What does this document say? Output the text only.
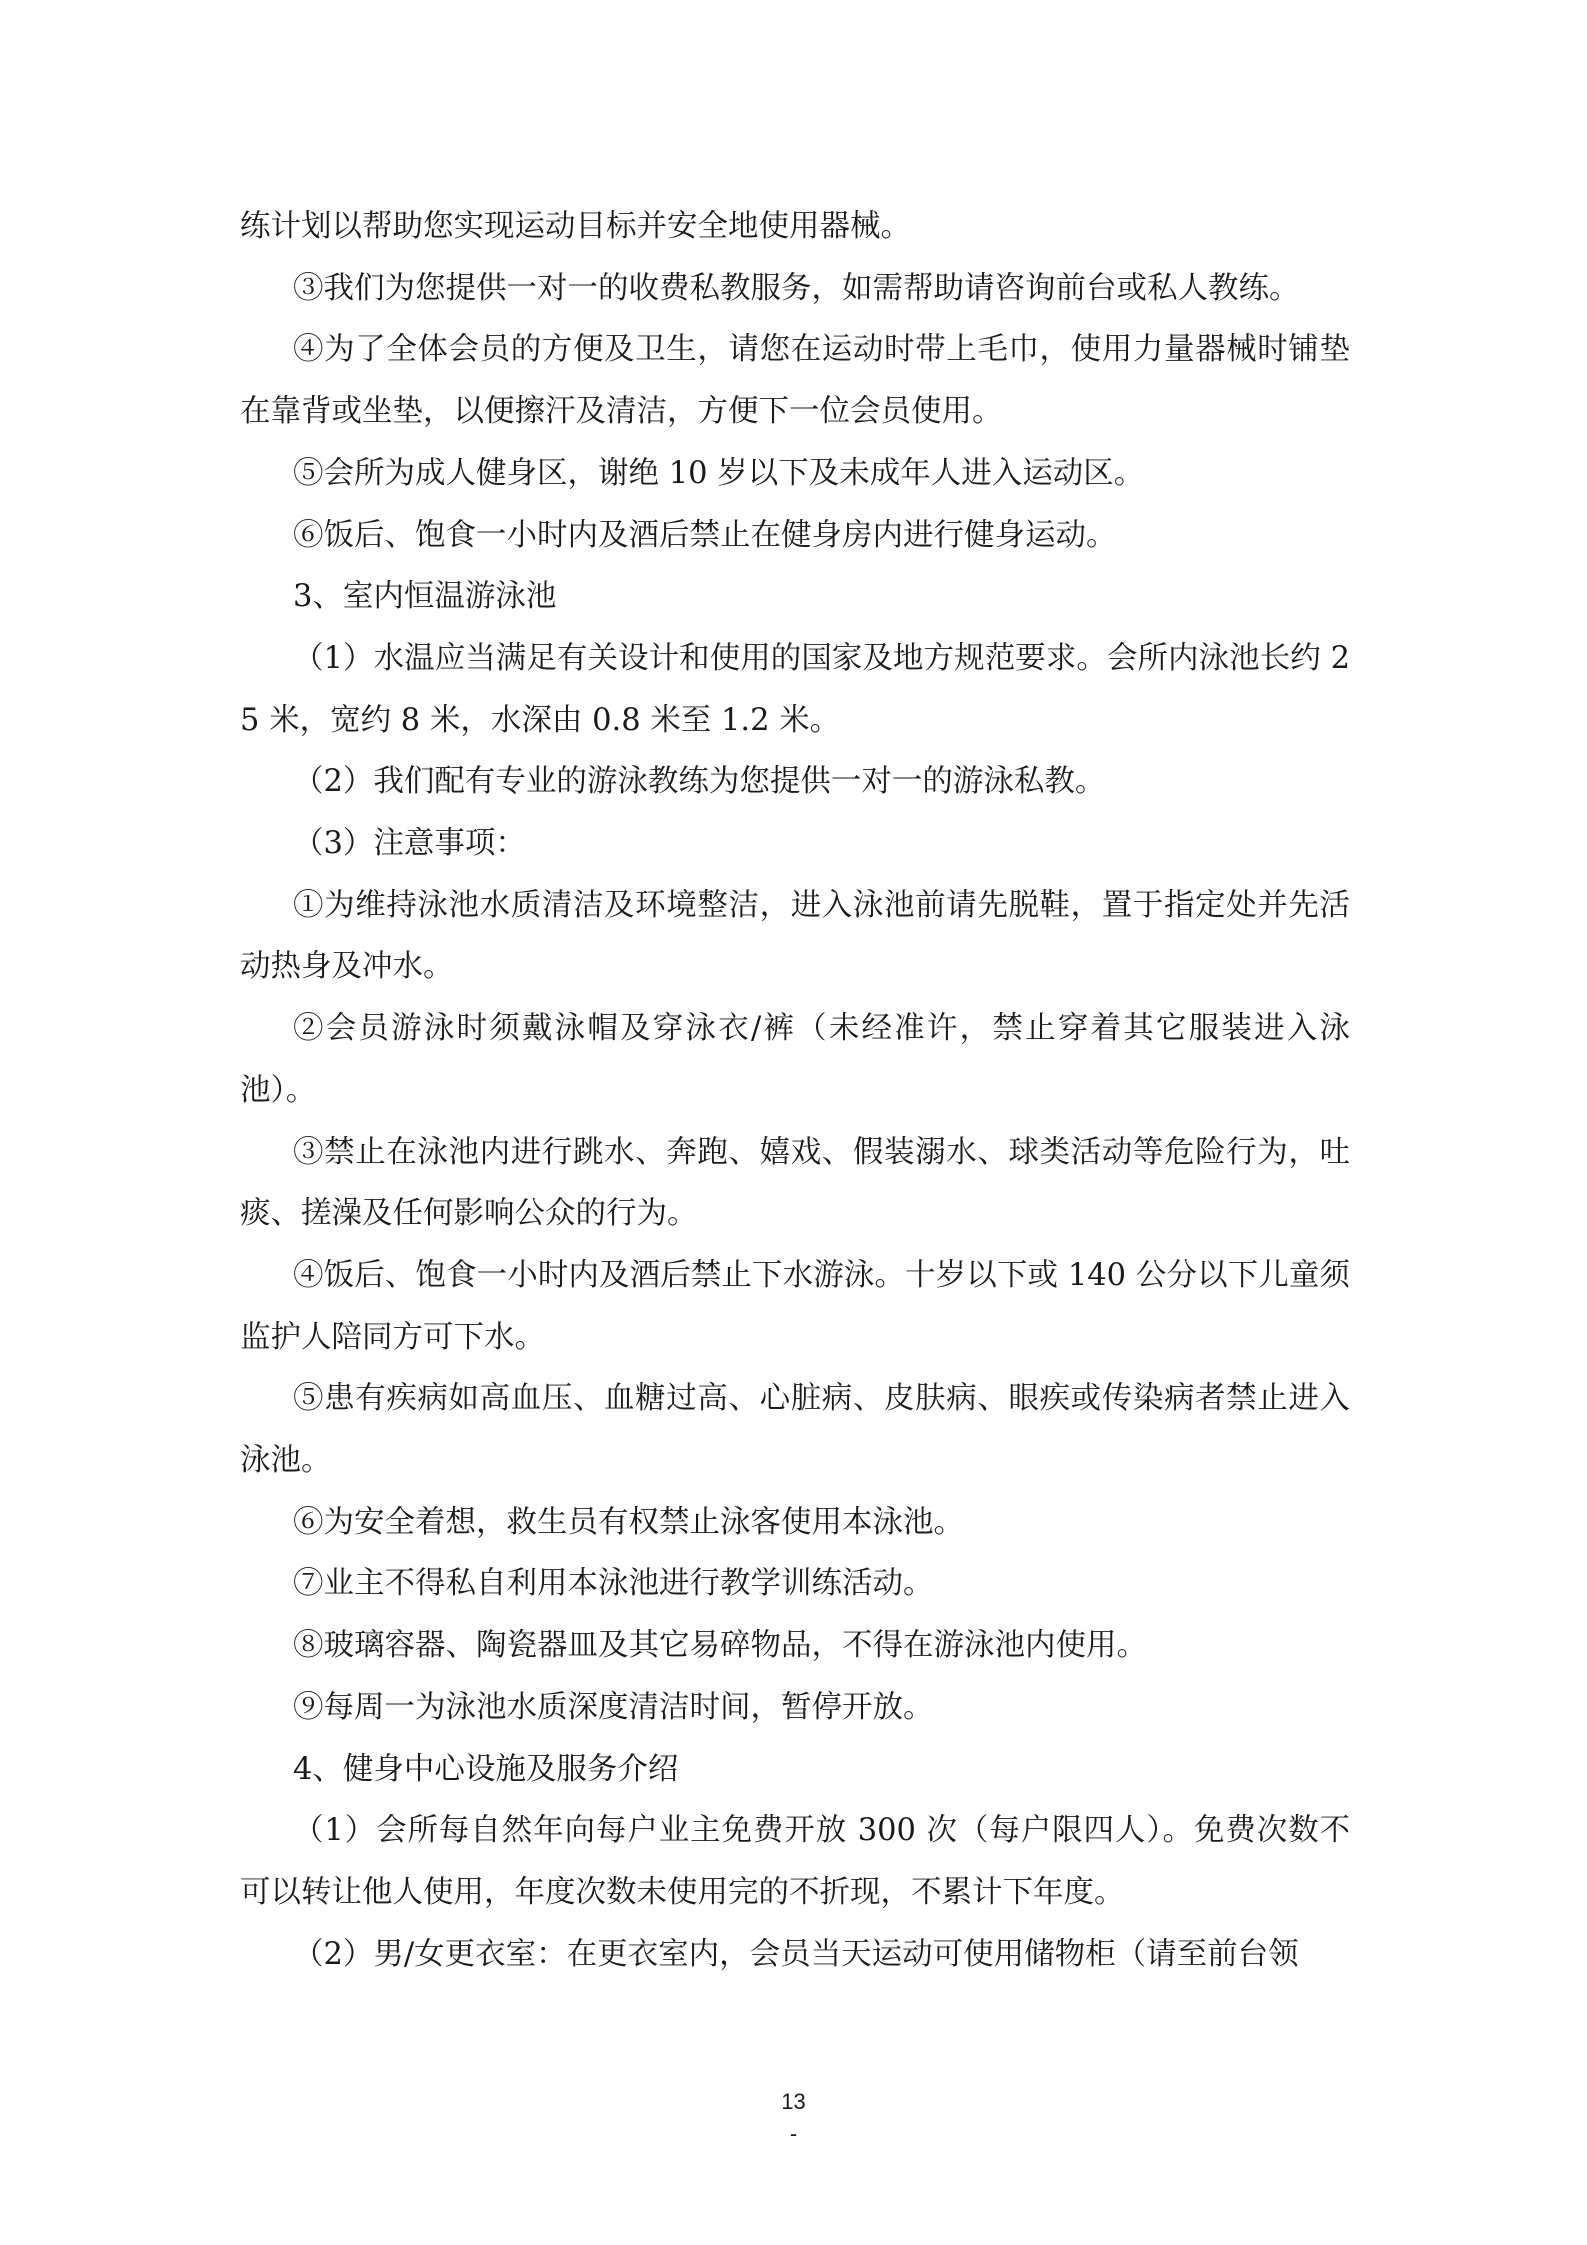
练计划以帮助您实现运动目标并安全地使用器械。

③我们为您提供一对一的收费私教服务，如需帮助请咨询前台或私人教练。

④为了全体会员的方便及卫生，请您在运动时带上毛巾，使用力量器械时铺垫在靠背或坐垫，以便擦汗及清洁，方便下一位会员使用。

⑤会所为成人健身区，谢绝 10 岁以下及未成年人进入运动区。

⑥饭后、饱食一小时内及酒后禁止在健身房内进行健身运动。

3、室内恒温游泳池

（1）水温应当满足有关设计和使用的国家及地方规范要求。会所内泳池长约 25 米，宽约 8 米，水深由 0.8 米至 1.2 米。

（2）我们配有专业的游泳教练为您提供一对一的游泳私教。

（3）注意事项：

①为维持泳池水质清洁及环境整洁，进入泳池前请先脱鞋，置于指定处并先活动热身及冲水。

②会员游泳时须戴泳帽及穿泳衣/裤（未经准许，禁止穿着其它服装进入泳池）。

③禁止在泳池内进行跳水、奔跑、嬉戏、假装溺水、球类活动等危险行为，吐痰、搓澡及任何影响公众的行为。

④饭后、饱食一小时内及酒后禁止下水游泳。十岁以下或 140 公分以下儿童须监护人陪同方可下水。

⑤患有疾病如高血压、血糖过高、心脏病、皮肤病、眼疾或传染病者禁止进入泳池。

⑥为安全着想，救生员有权禁止泳客使用本泳池。

⑦业主不得私自利用本泳池进行教学训练活动。

⑧玻璃容器、陶瓷器皿及其它易碎物品，不得在游泳池内使用。

⑨每周一为泳池水质深度清洁时间，暂停开放。

4、健身中心设施及服务介绍

（1）会所每自然年向每户业主免费开放 300 次（每户限四人）。免费次数不可以转让他人使用，年度次数未使用完的不折现，不累计下年度。

（2）男/女更衣室：在更衣室内，会员当天运动可使用储物柜（请至前台领

13
-
